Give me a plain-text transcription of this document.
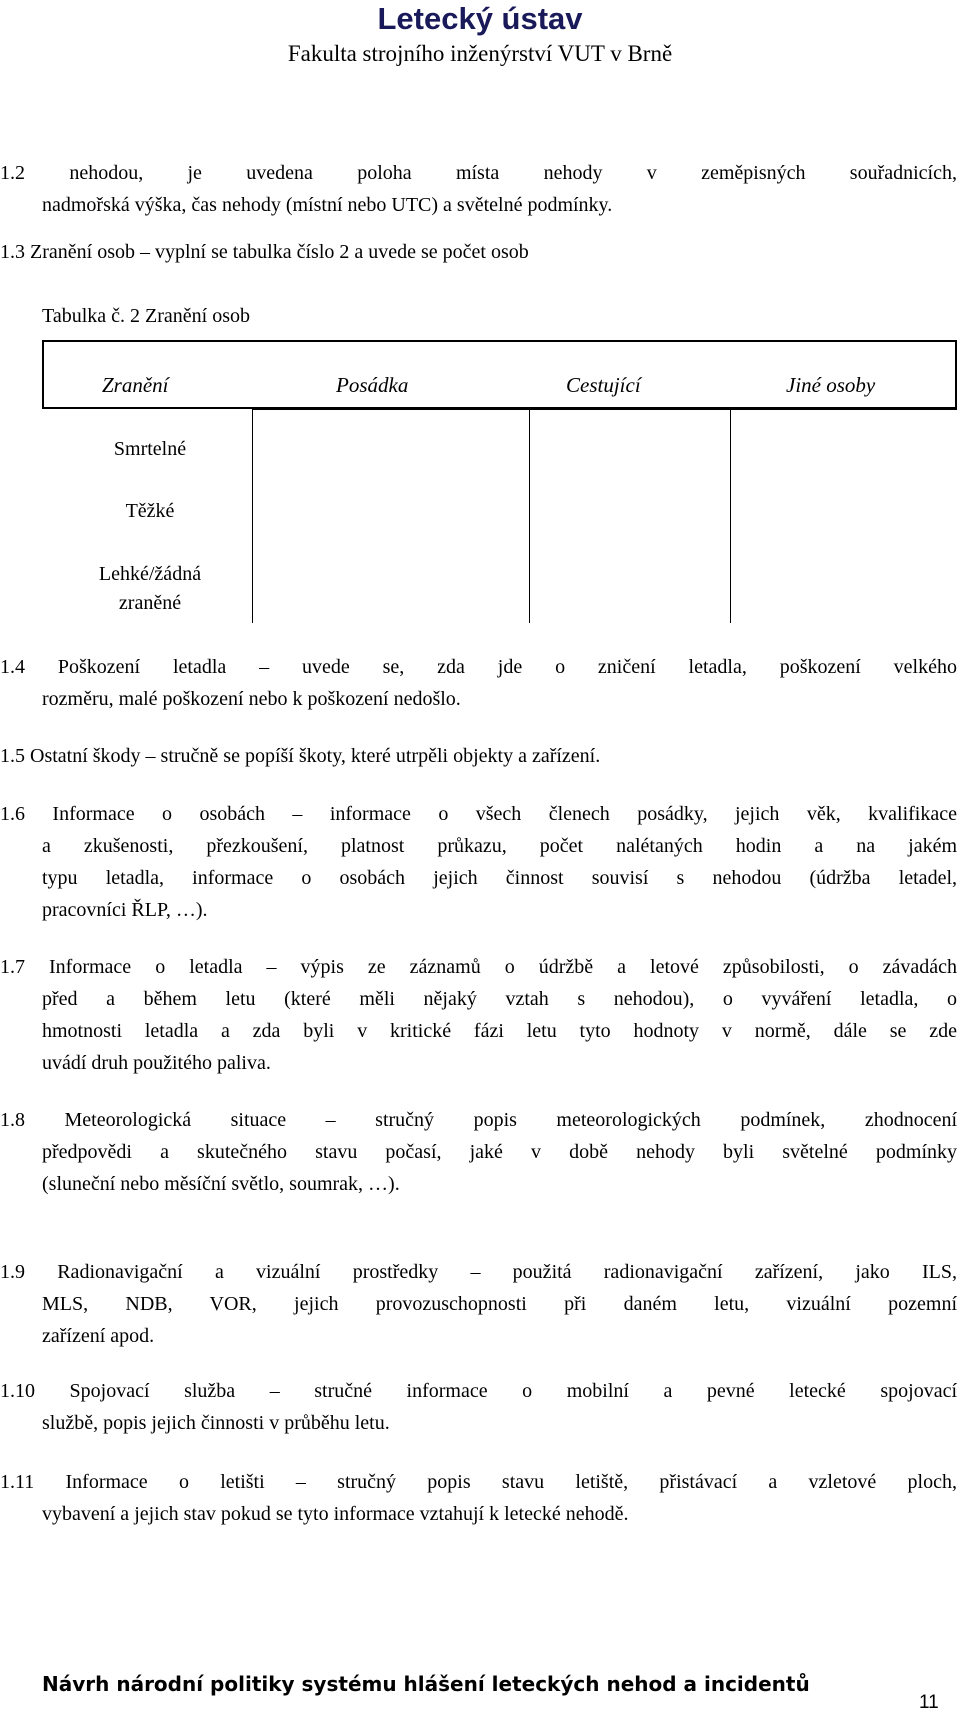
Letecký ústav
Fakulta strojního inženýrství VUT v Brně
1.2 nehodou, je uvedena poloha místa nehody v zeměpisných souřadnicích,
nadmořská výška, čas nehody (místní nebo UTC) a světelné podmínky.
1.3 Zranění osob – vyplní se tabulka číslo 2 a uvede se počet osob
Tabulka č. 2 Zranění osob
Zranění	Posádka	Cestující	Jiné osoby
Smrtelné
Těžké
Lehké/žádná
zraněné
1.4 Poškození letadla – uvede se, zda jde o zničení letadla, poškození velkého
rozměru, malé poškození nebo k poškození nedošlo.
1.5 Ostatní škody – stručně se popíší škoty, které utrpěli objekty a zařízení.
1.6 Informace o osobách – informace o všech členech posádky, jejich věk, kvalifikace
a zkušenosti, přezkoušení, platnost průkazu, počet nalétaných hodin a na jakém
typu letadla, informace o osobách jejich činnost souvisí s nehodou (údržba letadel,
pracovníci ŘLP, …).
1.7 Informace o letadla – výpis ze záznamů o údržbě a letové způsobilosti, o závadách
před a během letu (které měli nějaký vztah s nehodou), o vyváření letadla, o
hmotnosti letadla a zda byli v kritické fázi letu tyto hodnoty v normě, dále se zde
uvádí druh použitého paliva.
1.8 Meteorologická situace – stručný popis meteorologických podmínek, zhodnocení
předpovědi a skutečného stavu počasí, jaké v době nehody byli světelné podmínky
(sluneční nebo měsíční světlo, soumrak, …).
1.9 Radionavigační a vizuální prostředky – použitá radionavigační zařízení, jako ILS,
MLS, NDB, VOR, jejich provozuschopnosti při daném letu, vizuální pozemní
zařízení apod.
1.10 Spojovací služba – stručné informace o mobilní a pevné letecké spojovací
službě, popis jejich činnosti v průběhu letu.
1.11 Informace o letišti – stručný popis stavu letiště, přistávací a vzletové ploch,
vybavení a jejich stav pokud se tyto informace vztahují k letecké nehodě.
Návrh národní politiky systému hlášení leteckých nehod a incidentů
11
